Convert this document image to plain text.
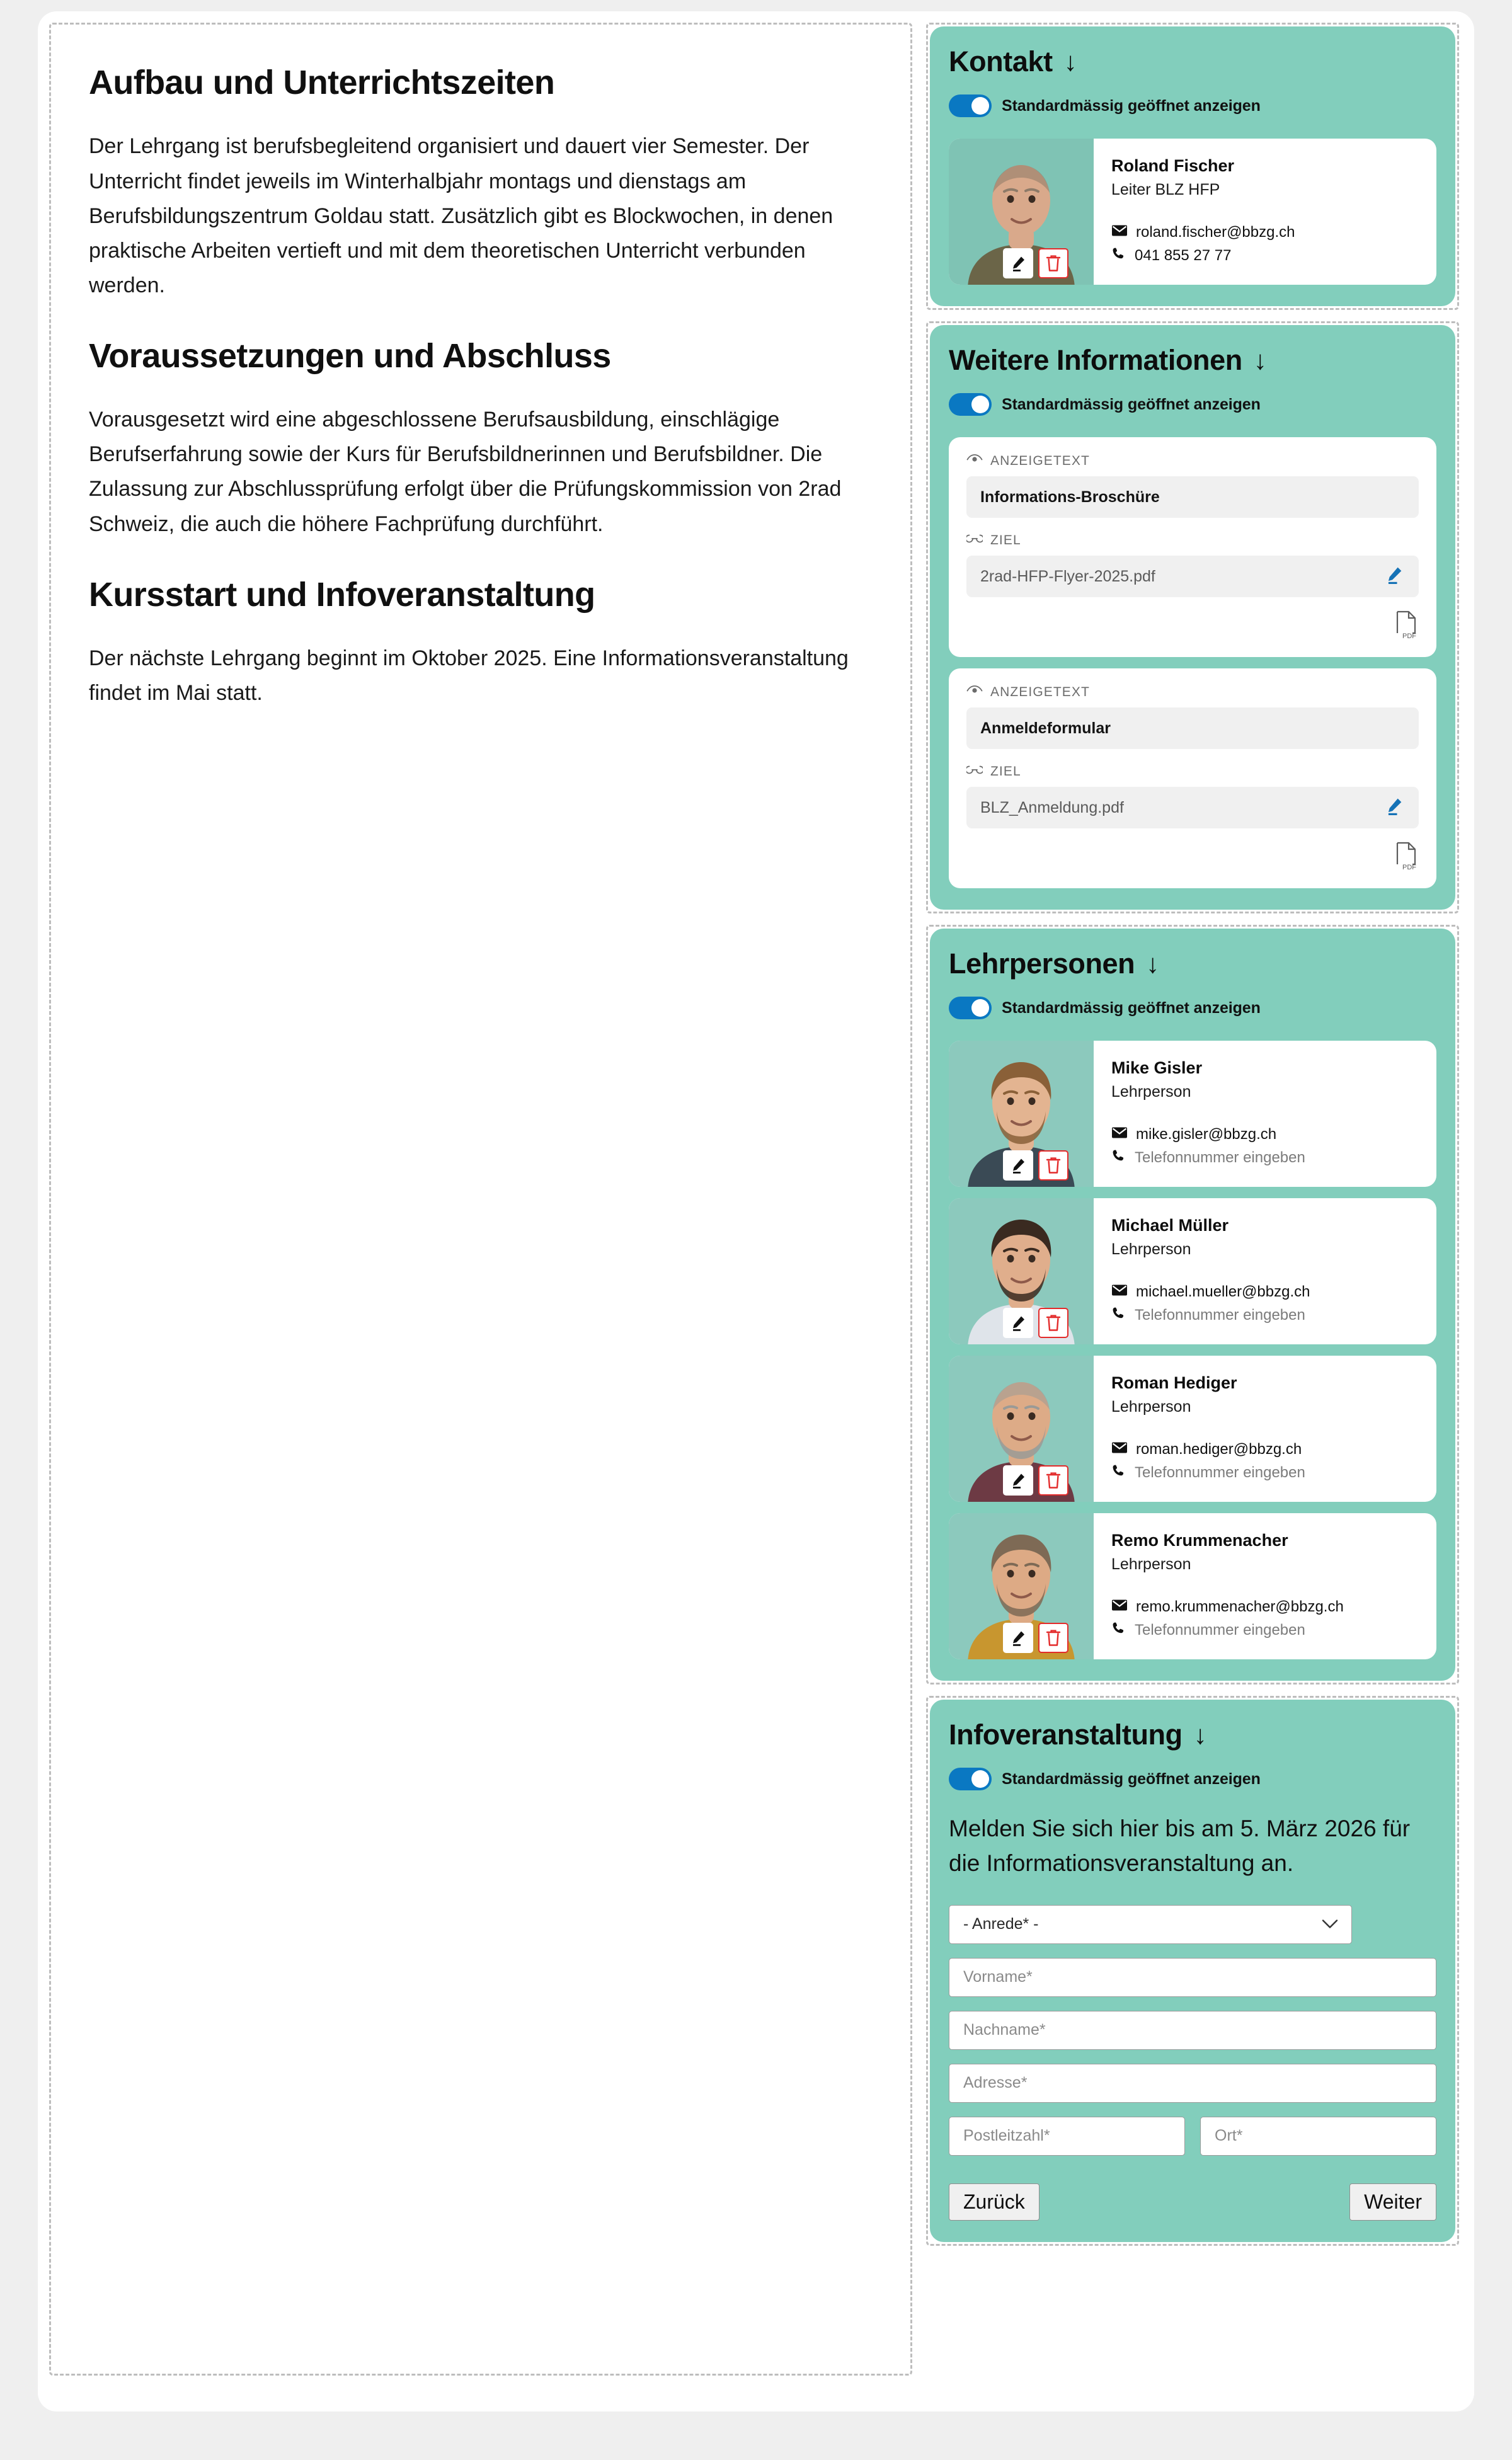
Aufbau und Unterrichtszeiten

Der Lehrgang ist berufsbegleitend organisiert und dauert vier Semester. Der Unterricht findet jeweils im Winterhalbjahr montags und dienstags am Berufsbildungszentrum Goldau statt. Zusätzlich gibt es Blockwochen, in denen praktische Arbeiten vertieft und mit dem theoretischen Unterricht verbunden werden.

Voraussetzungen und Abschluss

Vorausgesetzt wird eine abgeschlossene Berufsausbildung, einschlägige Berufserfahrung sowie der Kurs für Berufsbildnerinnen und Berufsbildner. Die Zulassung zur Abschlussprüfung erfolgt über die Prüfungskommission von 2rad Schweiz, die auch die höhere Fachprüfung durchführt.

Kursstart und Infoveranstaltung

Der nächste Lehrgang beginnt im Oktober 2025. Eine Informationsveranstaltung findet im Mai statt.

Kontakt ↓
Standardmässig geöffnet anzeigen
Roland Fischer
Leiter BLZ HFP
roland.fischer@bbzg.ch
041 855 27 77
Weitere Informationen ↓
Standardmässig geöffnet anzeigen
ANZEIGETEXT
Informations-Broschüre
ZIEL
2rad-HFP-Flyer-2025.pdf
PDF
ANZEIGETEXT
Anmeldeformular
ZIEL
BLZ_Anmeldung.pdf
PDF
Lehrpersonen ↓
Standardmässig geöffnet anzeigen
Mike Gisler
Lehrperson
mike.gisler@bbzg.ch
Telefonnummer eingeben
Michael Müller
Lehrperson
michael.mueller@bbzg.ch
Telefonnummer eingeben
Roman Hediger
Lehrperson
roman.hediger@bbzg.ch
Telefonnummer eingeben
Remo Krummenacher
Lehrperson
remo.krummenacher@bbzg.ch
Telefonnummer eingeben
Infoveranstaltung ↓
Standardmässig geöffnet anzeigen
Melden Sie sich hier bis am 5. März 2026 für die Informationsveranstaltung an.
- Anrede* -
Vorname*
Nachname*
Adresse*
Postleitzahl*	Ort*
Zurück	Weiter
